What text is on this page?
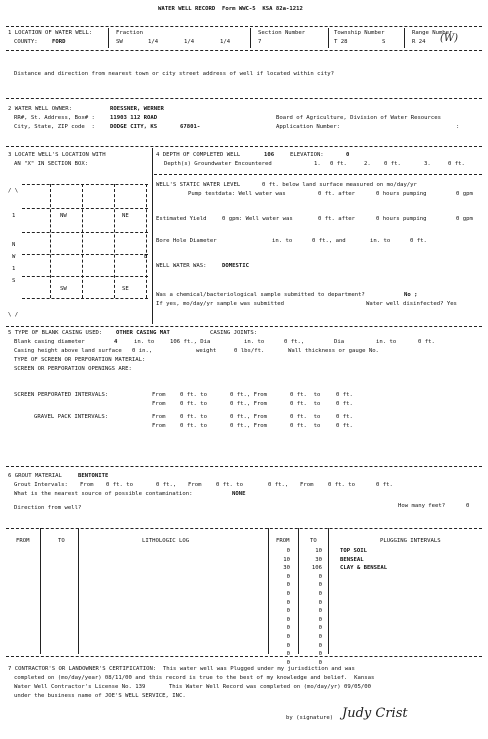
WATER WELL RECORD  Form WWC-5  KSA 82a-1212
1 LOCATION OF WATER WELL:
COUNTY:	FORD
Fraction
SW	1/4	1/4	1/4
Section Number
7
Township Number
T 28	S
Range Number
R 24 (W)
Distance and direction from nearest town or city street address of well if located within city?
2 WATER WELL OWNER:	ROESSNER, WERNER
RR#, St. Address, Box# :	11903 112 ROAD
City, State, ZIP code  :	DODGE CITY, KS	67801-
Board of Agriculture, Division of Water Resources
Application Number:	:
3 LOCATE WELL'S LOCATION WITH
AN "X" IN SECTION BOX:
/ \
NW	NE
SW	SE
1
N
W	E
1
S
\ /
4 DEPTH OF COMPLETED WELL	106	ELEVATION:	0
Depth(s) Groundwater Encountered	1. 0 ft.	2. 0 ft.	3.	0 ft.
WELL'S STATIC WATER LEVEL	0 ft. below land surface measured on mo/day/yr
Pump testdata: Well water was	0 ft. after	0 hours pumping	0 gpm
Estimated Yield	0 gpm: Well water was	0 ft. after	0 hours pumping	0 gpm
Bore Hole Diameter	in. to	0 ft., and	in. to	0 ft.
WELL WATER WAS:	DOMESTIC
Was a chemical/bacteriological sample submitted to department?	No ;
If yes, mo/day/yr sample was submitted	Water well disinfected? Yes
5 TYPE OF BLANK CASING USED: OTHER CASING MAT	CASING JOINTS:
Blank casing diameter	4	in. to	106 ft., Dia	in. to	0 ft.,	Dia	in. to	0 ft.
Casing height above land surface 0 in.,	weight	0 lbs/ft.	Wall thickness or gauge No.
TYPE OF SCREEN OR PERFORATION MATERIAL:
SCREEN OR PERFORATION OPENINGS ARE:
SCREEN PERFORATED INTERVALS:	From	0 ft. to	0 ft., From	0 ft.  to	0 ft.
From	0 ft. to	0 ft., From	0 ft.  to	0 ft.
GRAVEL PACK INTERVALS:	From	0 ft. to	0 ft., From	0 ft.  to	0 ft.
From	0 ft. to	0 ft., From	0 ft.  to	0 ft.
6 GROUT MATERIAL	BENTONITE
Grout Intervals: From 0 ft. to	0 ft., From	0 ft. to	0 ft., From	0 ft. to	0 ft.
What is the nearest source of possible contamination:	NONE
Direction from well?	How many feet?	0
FROM	TO	LITHOLOGIC LOG	FROM	TO	PLUGGING INTERVALS
0	10	TOP SOIL
10	30	BENSEAL
30	106	CLAY & BENSEAL
0	0
0	0
0	0
0	0
0	0
0	0
0	0
0	0
0	0
0	0
0	0
7 CONTRACTOR'S OR LANDOWNER'S CERTIFICATION:  This water well was Plugged under my jurisdiction and was
completed on (mo/day/year) 08/11/00 and this record is true to the best of my knowledge and belief.  Kansas
Water Well Contractor's License No. 139       This Water Well Record was completed on (mo/day/yr) 09/05/00
under the business name of JOE'S WELL SERVICE, INC.
by (signature) Judy Crist
